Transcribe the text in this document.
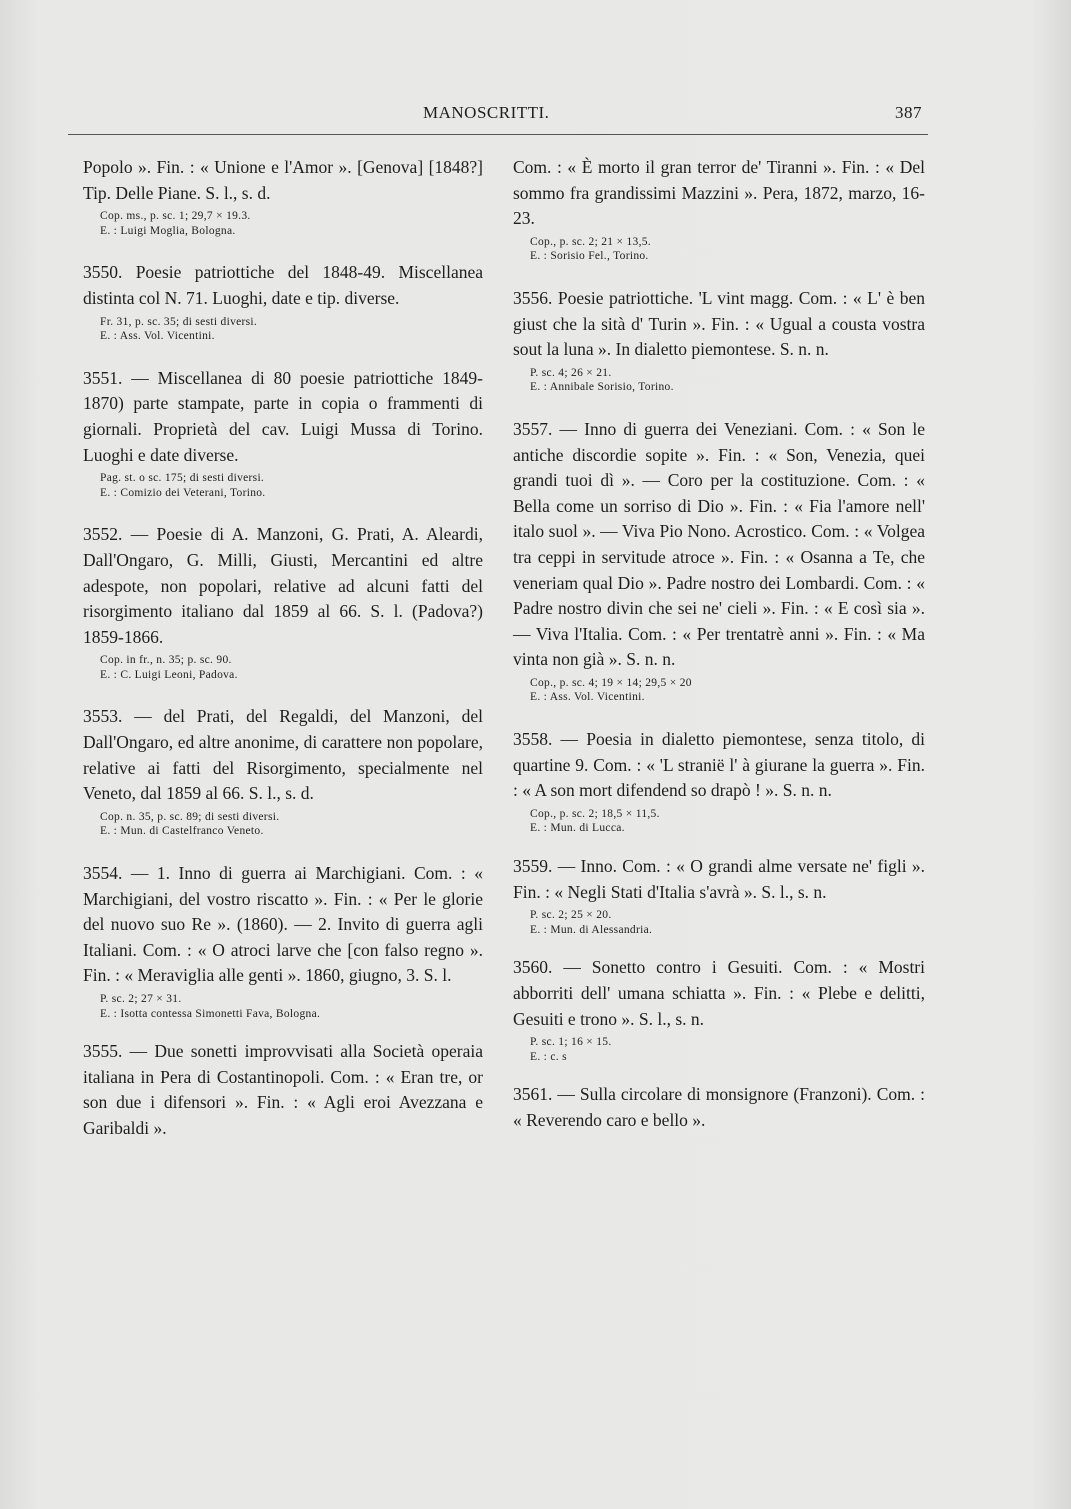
MANOSCRITTI.	387
Popolo ». Fin. : « Unione e l'Amor ». [Genova] [1848?] Tip. Delle Piane. S. l., s. d.
Cop. ms., p. sc. 1; 29,7 × 19.3.
E. : Luigi Moglia, Bologna.
3550. Poesie patriottiche del 1848-49. Miscellanea distinta col N. 71. Luoghi, date e tip. diverse.
Fr. 31, p. sc. 35; di sesti diversi.
E. : Ass. Vol. Vicentini.
3551. — Miscellanea di 80 poesie patriottiche 1849-1870) parte stampate, parte in copia o frammenti di giornali. Proprietà del cav. Luigi Mussa di Torino. Luoghi e date diverse.
Pag. st. o sc. 175; di sesti diversi.
E. : Comizio dei Veterani, Torino.
3552. — Poesie di A. Manzoni, G. Prati, A. Aleardi, Dall'Ongaro, G. Milli, Giusti, Mercantini ed altre adespote, non popolari, relative ad alcuni fatti del risorgimento italiano dal 1859 al 66. S. l. (Padova?) 1859-1866.
Cop. in fr., n. 35; p. sc. 90.
E. : C. Luigi Leoni, Padova.
3553. — del Prati, del Regaldi, del Manzoni, del Dall'Ongaro, ed altre anonime, di carattere non popolare, relative ai fatti del Risorgimento, specialmente nel Veneto, dal 1859 al 66. S. l., s. d.
Cop. n. 35, p. sc. 89; di sesti diversi.
E. : Mun. di Castelfranco Veneto.
3554. — 1. Inno di guerra ai Marchigiani. Com. : « Marchigiani, del vostro riscatto ». Fin. : « Per le glorie del nuovo suo Re ». (1860). — 2. Invito di guerra agli Italiani. Com. : « O atroci larve che [con falso regno ». Fin. : « Meraviglia alle genti ». 1860, giugno, 3. S. l.
P. sc. 2; 27 × 31.
E. : Isotta contessa Simonetti Fava, Bologna.
3555. — Due sonetti improvvisati alla Società operaia italiana in Pera di Costantinopoli. Com. : « Eran tre, or son due i difensori ». Fin. : « Agli eroi Avezzana e Garibaldi ».
Com. : « È morto il gran terror de' Tiranni ». Fin. : « Del sommo fra grandissimi Mazzini ». Pera, 1872, marzo, 16-23.
Cop., p. sc. 2; 21 × 13,5.
E. : Sorisio Fel., Torino.
3556. Poesie patriottiche. 'L vint magg. Com. : « L' è ben giust che la sità d' Turin ». Fin. : « Ugual a cousta vostra sout la luna ». In dialetto piemontese. S. n. n.
P. sc. 4; 26 × 21.
E. : Annibale Sorisio, Torino.
3557. — Inno di guerra dei Veneziani. Com. : « Son le antiche discordie sopite ». Fin. : « Son, Venezia, quei grandi tuoi dì ». — Coro per la costituzione. Com. : « Bella come un sorriso di Dio ». Fin. : « Fia l'amore nell' italo suol ». — Viva Pio Nono. Acrostico. Com. : « Volgea tra ceppi in servitude atroce ». Fin. : « Osanna a Te, che veneriam qual Dio ». Padre nostro dei Lombardi. Com. : « Padre nostro divin che sei ne' cieli ». Fin. : « E così sia ». — Viva l'Italia. Com. : « Per trentatrè anni ». Fin. : « Ma vinta non già ». S. n. n.
Cop., p. sc. 4; 19 × 14; 29,5 × 20
E. : Ass. Vol. Vicentini.
3558. — Poesia in dialetto piemontese, senza titolo, di quartine 9. Com. : « 'L stranië l' à giurane la guerra ». Fin. : « A son mort difendend so drapò ! ». S. n. n.
Cop., p. sc. 2; 18,5 × 11,5.
E. : Mun. di Lucca.
3559. — Inno. Com. : « O grandi alme versate ne' figli ». Fin. : « Negli Stati d'Italia s'avrà ». S. l., s. n.
P. sc. 2; 25 × 20.
E. : Mun. di Alessandria.
3560. — Sonetto contro i Gesuiti. Com. : « Mostri abborriti dell' umana schiatta ». Fin. : « Plebe e delitti, Gesuiti e trono ». S. l., s. n.
P. sc. 1; 16 × 15.
E. : c. s
3561. — Sulla circolare di monsignore (Franzoni). Com. : « Reverendo caro e bello ».
